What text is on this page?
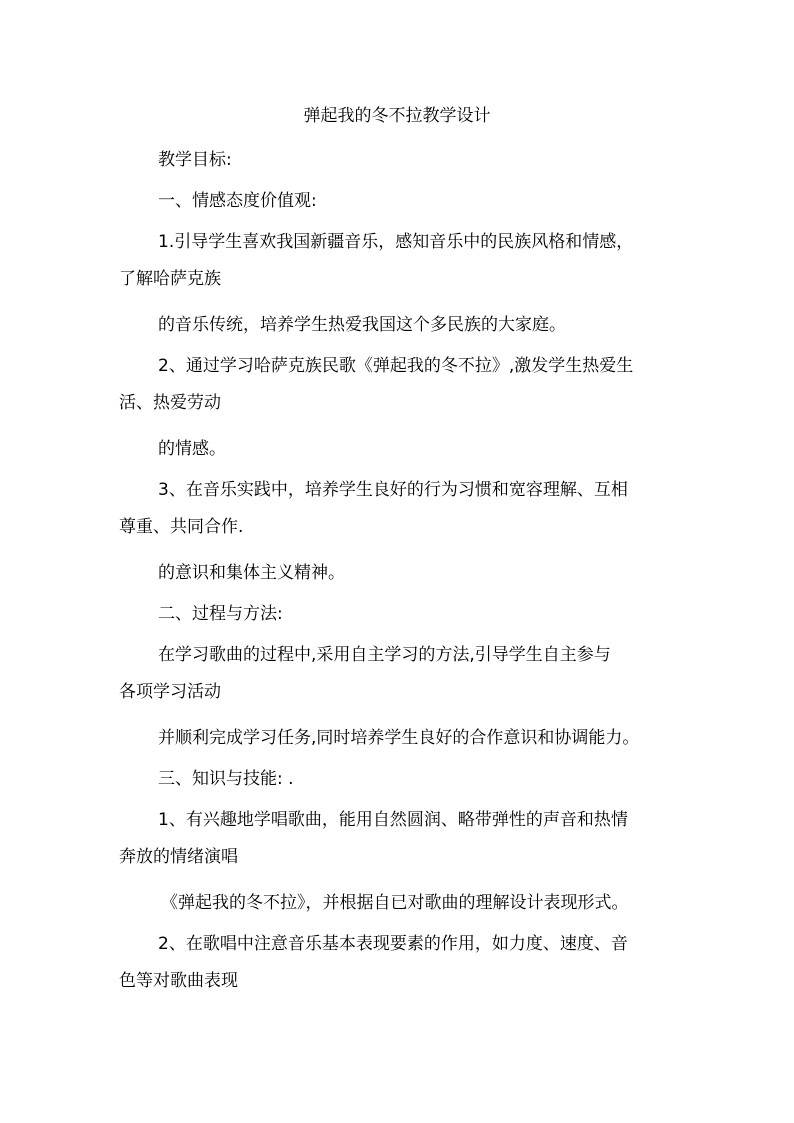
弹起我的冬不拉教学设计
教学目标:
一、情感态度价值观:
1.引导学生喜欢我国新疆音乐，感知音乐中的民族风格和情感，
了解哈萨克族
的音乐传统，培养学生热爱我国这个多民族的大家庭。
2、通过学习哈萨克族民歌《弹起我的冬不拉》,激发学生热爱生
活、热爱劳动
的情感。
3、在音乐实践中，培养学生良好的行为习惯和宽容理解、互相
尊重、共同合作.
的意识和集体主义精神。
二、过程与方法:
在学习歌曲的过程中,采用自主学习的方法,引导学生自主参与
各项学习活动
并顺利完成学习任务,同时培养学生良好的合作意识和协调能力。
三、知识与技能: .
1、有兴趣地学唱歌曲，能用自然圆润、略带弹性的声音和热情
奔放的情绪演唱
《弹起我的冬不拉》，并根据自已对歌曲的理解设计表现形式。
2、在歌唱中注意音乐基本表现要素的作用，如力度、速度、音
色等对歌曲表现
